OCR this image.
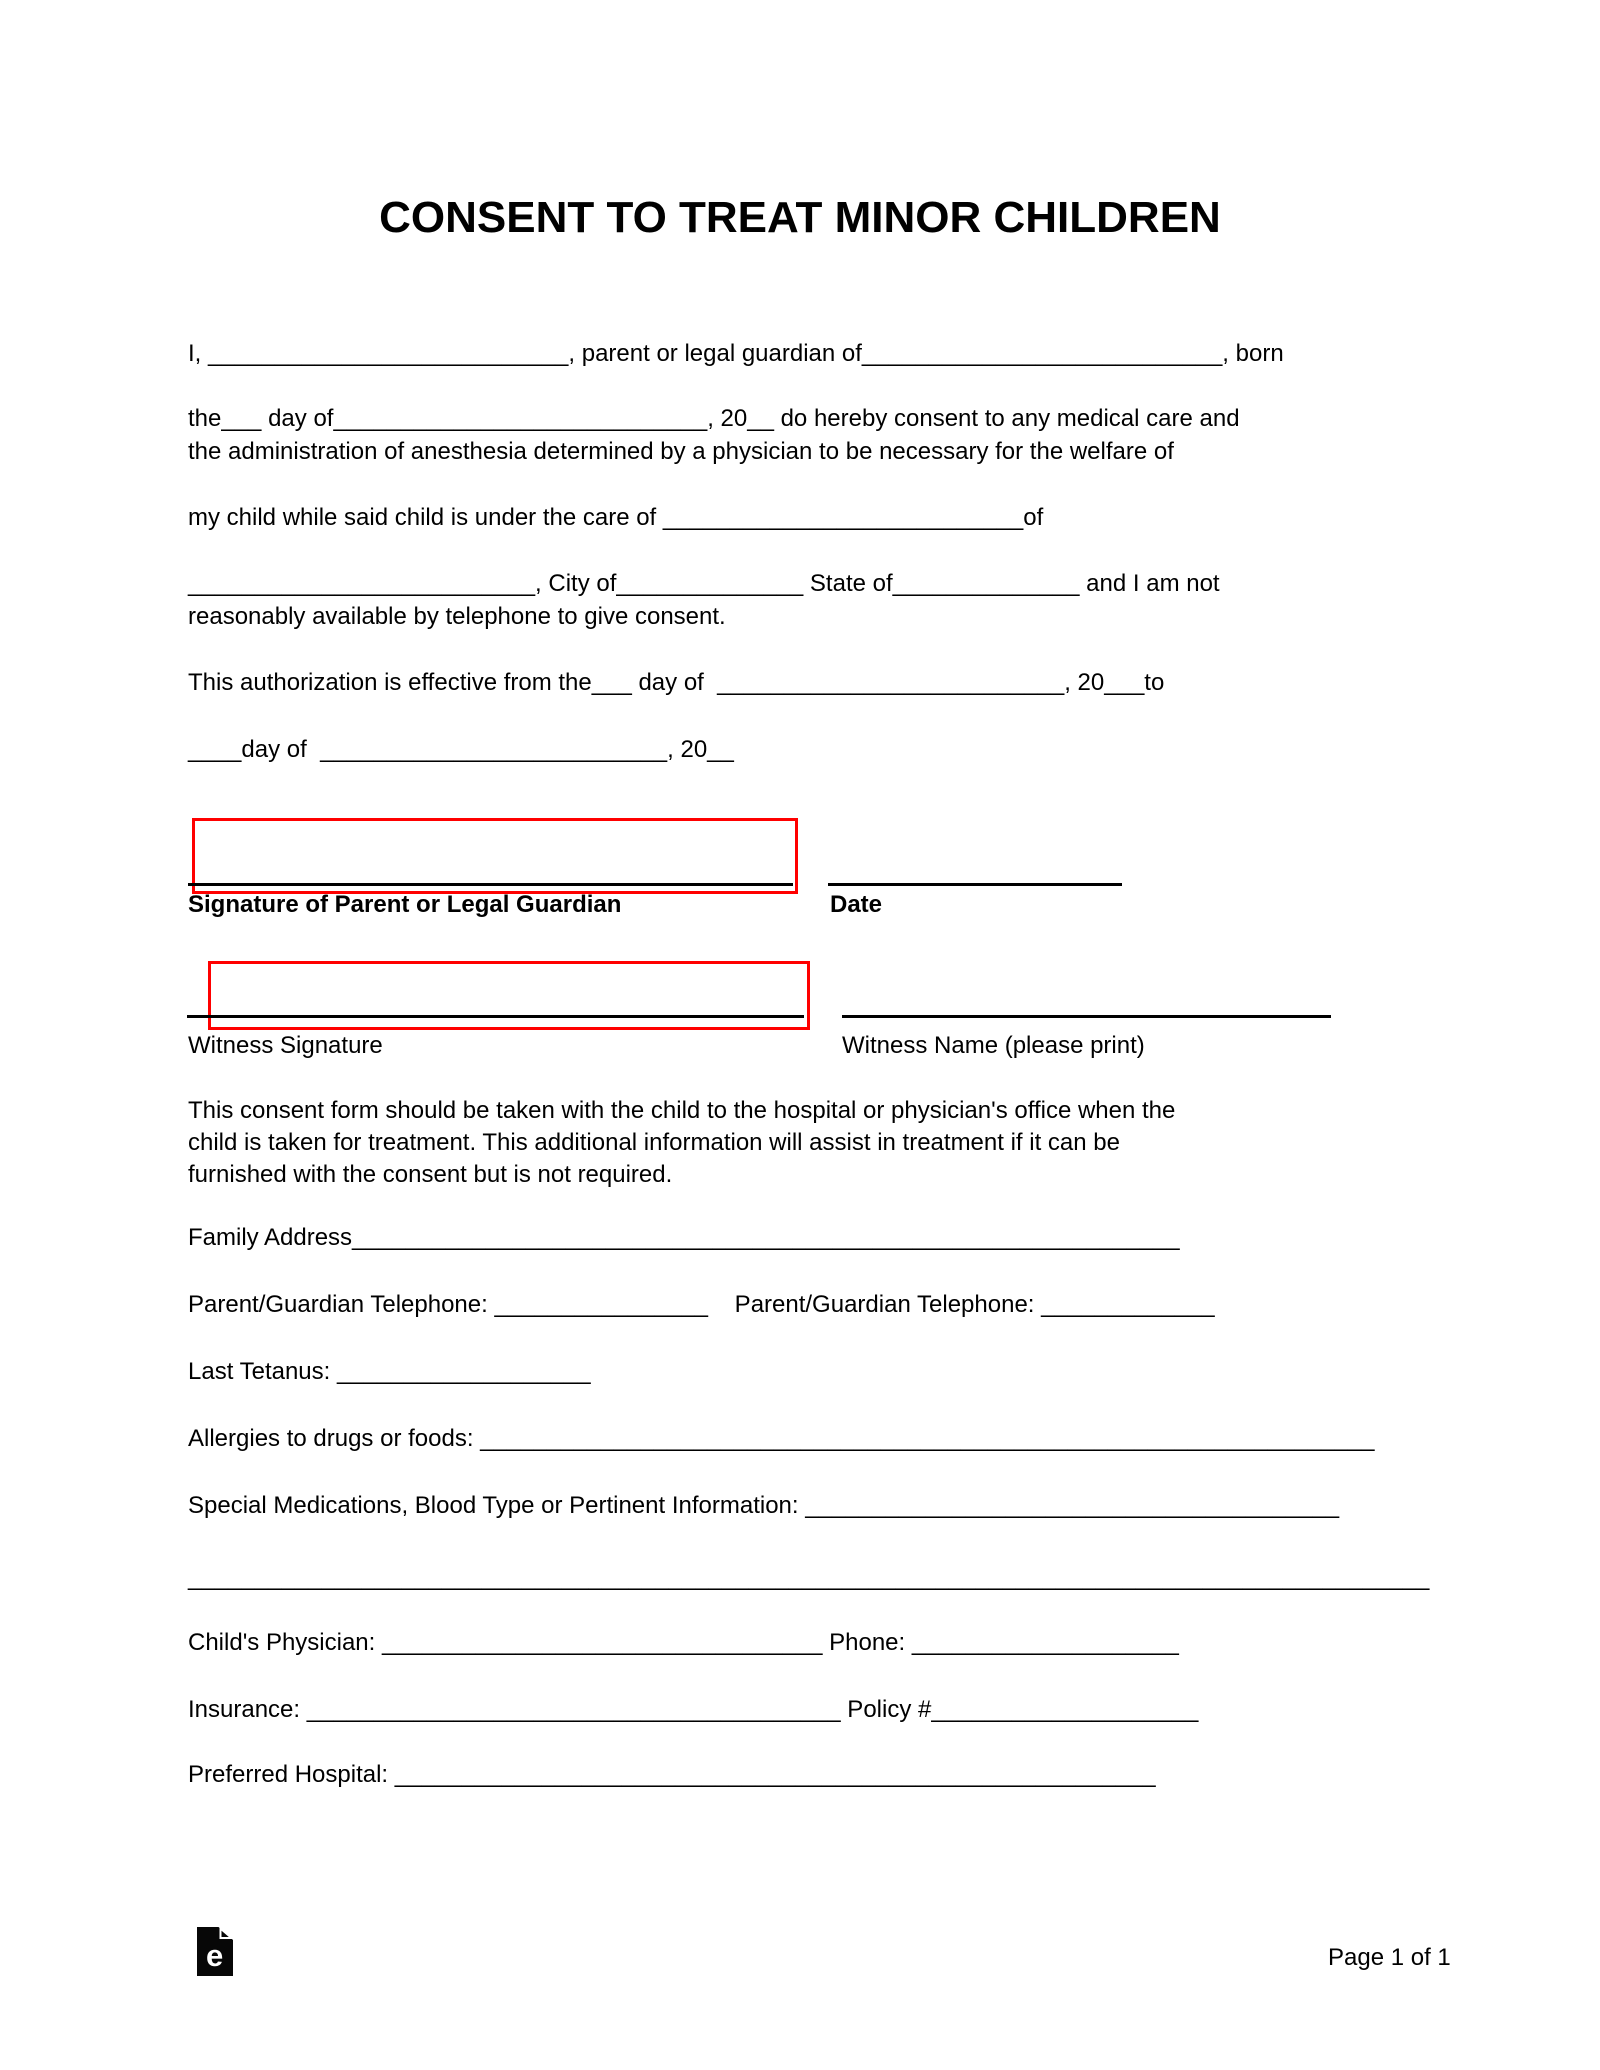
CONSENT TO TREAT MINOR CHILDREN
I, ___________________________, parent or legal guardian of___________________________, born
the___ day of____________________________, 20__ do hereby consent to any medical care and
the administration of anesthesia determined by a physician to be necessary for the welfare of
my child while said child is under the care of ___________________________of
__________________________, City of______________ State of______________ and I am not
reasonably available by telephone to give consent.
This authorization is effective from the___ day of  __________________________, 20___to
____day of  __________________________, 20__
Signature of Parent or Legal Guardian	Date
Witness Signature	Witness Name (please print)
This consent form should be taken with the child to the hospital or physician's office when the
child is taken for treatment. This additional information will assist in treatment if it can be
furnished with the consent but is not required.
Family Address______________________________________________________________
Parent/Guardian Telephone: ________________    Parent/Guardian Telephone: _____________
Last Tetanus: ___________________
Allergies to drugs or foods: ___________________________________________________________________
Special Medications, Blood Type or Pertinent Information: ________________________________________
_____________________________________________________________________________________________
Child's Physician: _________________________________ Phone: ____________________
Insurance: ________________________________________ Policy #____________________
Preferred Hospital: _________________________________________________________
e	Page 1 of 1
